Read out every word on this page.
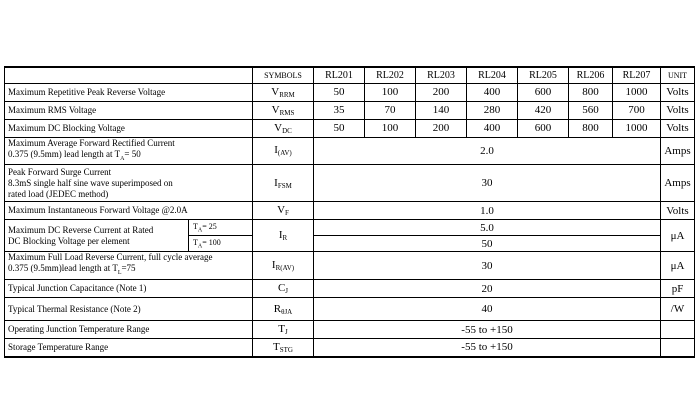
		SYMBOLS	RL201	RL202	RL203	RL204	RL205	RL206	RL207	UNIT
Maximum Repetitive Peak Reverse Voltage		$V_{RRM}$	50	100	200	400	600	800	1000	Volts
Maximum RMS Voltage		$V_{RMS}$	35	70	140	280	420	560	700	Volts
Maximum DC Blocking Voltage		$V_{DC}$	50	100	200	400	600	800	1000	Volts
Maximum Average Forward Rectified Current
0.375 (9.5mm) lead length at $T_A= 50$		$I_{(AV)}$	2.0							Amps
Peak Forward Surge Current
8.3mS single half sine wave superimposed on
rated load (JEDEC method)		$I_{FSM}$	30							Amps
Maximum Instantaneous Forward Voltage @2.0A		$V_F$	1.0							Volts
Maximum DC Reverse Current at Rated
DC Blocking Voltage per element	$T_A= 25$	$I_R$	5.0							μA
	$T_A= 100$		50							
Maximum Full Load Reverse Current, full cycle average
0.375 (9.5mm)lead length at $T_L=75$		$I_{R(AV)}$	30							μA
Typical Junction Capacitance (Note 1)		$C_J$	20							pF
Typical Thermal Resistance (Note 2)		$R_{\theta JA}$	40							/W
Operating Junction Temperature Range		$T_J$	-55 to +150							
Storage Temperature Range		$T_{STG}$	-55 to +150							
